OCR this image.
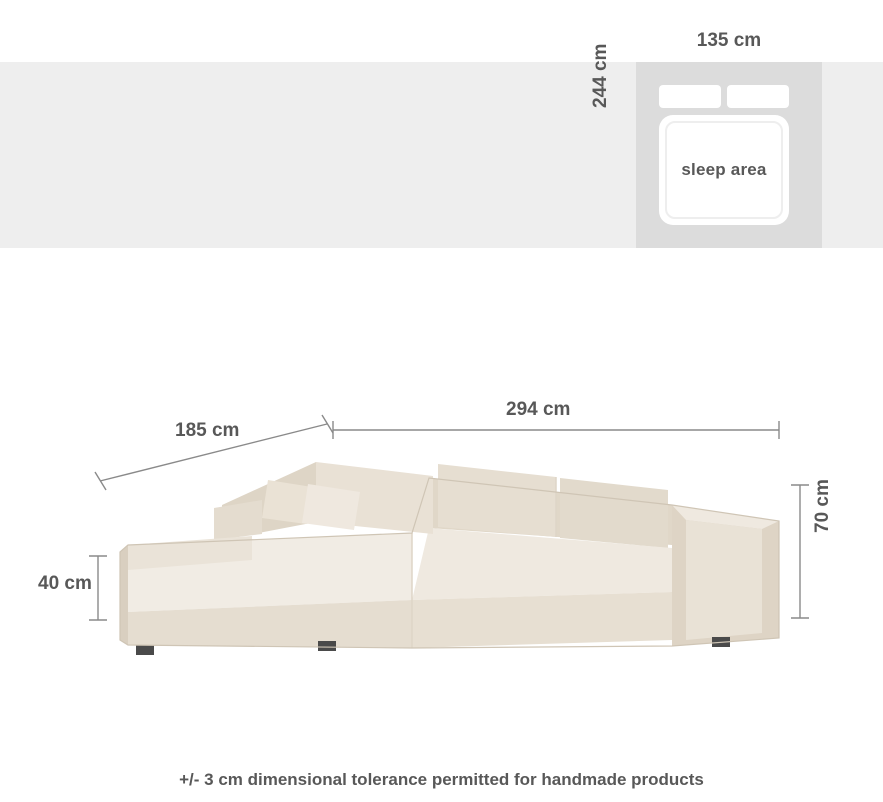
sleep area
135 cm
244 cm
185 cm
294 cm
40 cm
70 cm
+/- 3 cm dimensional tolerance permitted for handmade products
